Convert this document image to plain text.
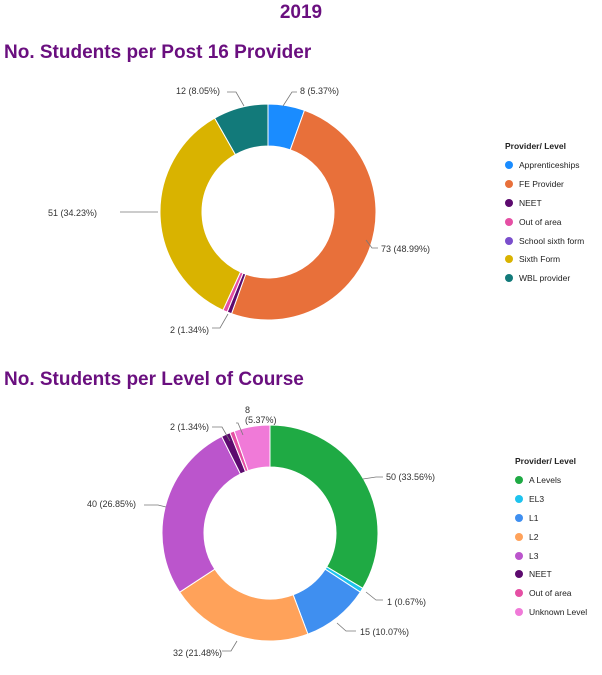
2019
No. Students per Post 16 Provider
8 (5.37%)
73 (48.99%)
2 (1.34%)
51 (34.23%)
12 (8.05%)
Provider/ Level
Apprenticeships
FE Provider
NEET
Out of area
School sixth form
Sixth Form
WBL provider
No. Students per Level of Course
50 (33.56%)
1 (0.67%)
15 (10.07%)
32 (21.48%)
40 (26.85%)
2 (1.34%)
8 (5.37%)
Provider/ Level
A Levels
EL3
L1
L2
L3
NEET
Out of area
Unknown Level
